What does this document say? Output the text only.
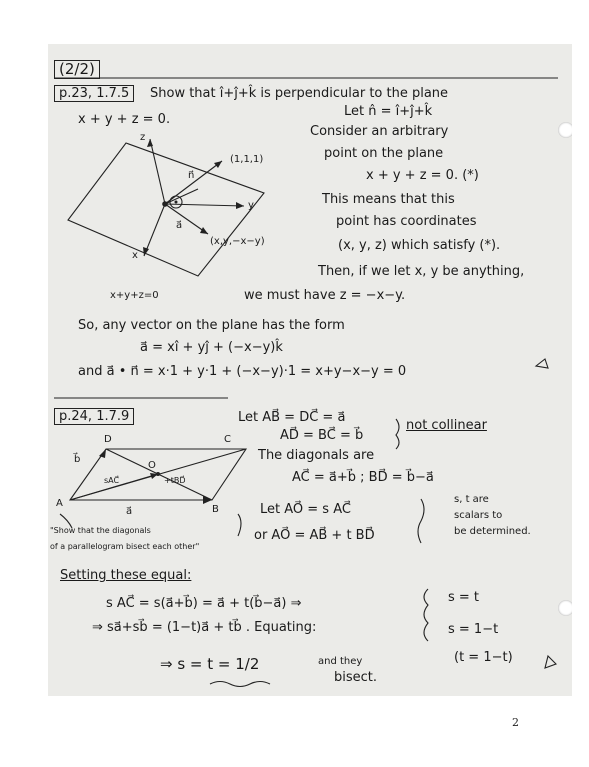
(2/2)
p.23, 1.7.5	Show that î+ĵ+k̂ is perpendicular to the plane
x + y + z = 0.
Let n̂ = î+ĵ+k̂
Consider an arbitrary
point on the plane
x + y + z = 0. (*)
This means that this
point has coordinates
(x, y, z) which satisfy (*).
Then, if we let x, y be anything,
we must have z = −x−y.
So, any vector on the plane has the form
a⃗ = xî + yĵ + (−x−y)k̂
and a⃗ • n⃗ = x·1 + y·1 + (−x−y)·1 = x+y−x−y = 0
z
y
x
n⃗
(1,1,1)
a⃗
(x,y,−x−y)
x+y+z=0
p.24, 1.7.9	Let AB⃗ = DC⃗ = a⃗
AD⃗ = BC⃗ = b⃗
not collinear
The diagonals are
AC⃗ = a⃗+b⃗ ; BD⃗ = b⃗−a⃗
Let AO⃗ = s AC⃗
or AO⃗ = AB⃗ + t BD⃗
s, t are
scalars to
be determined.
"Show that the diagonals
of a parallelogram bisect each other"
Setting these equal:
s AC⃗ = s(a⃗+b⃗) = a⃗ + t(b⃗−a⃗) ⇒
⇒ sa⃗+sb⃗ = (1−t)a⃗ + tb⃗ . Equating:
s = t
s = 1−t
(t = 1−t)
⇒ s = t = 1/2	and they
bisect.
A
B
C
D
O
a⃗
b⃗
sAC⃗	+tBD⃗
2
